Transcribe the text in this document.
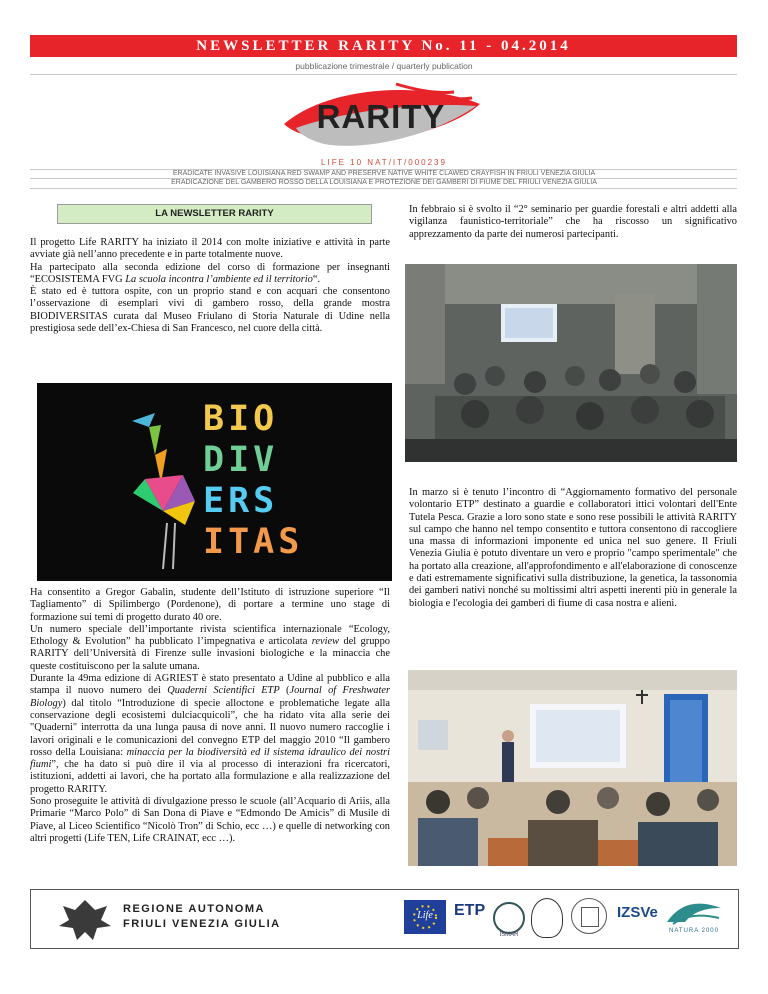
NEWSLETTER RARITY No. 11 - 04.2014
pubblicazione trimestrale / quarterly publication
RARITY
LIFE 10 NAT/IT/000239
ERADICATE INVASIVE LOUISIANA RED SWAMP AND PRESERVE NATIVE WHITE CLAWED CRAYFISH IN FRIULI VENEZIA GIULIA
ERADICAZIONE DEL GAMBERO ROSSO DELLA LOUISIANA E PROTEZIONE DEI GAMBERI DI FIUME DEL FRIULI VENEZIA GIULIA
LA NEWSLETTER RARITY

Il progetto Life RARITY ha iniziato il 2014 con molte iniziative e attività in parte avviate già nell’anno precedente e in parte totalmente nuove.

Ha partecipato alla seconda edizione del corso di formazione per insegnanti “ECOSISTEMA FVG La scuola incontra l’ambiente ed il territorio“.

È stato ed è tuttora ospite, con un proprio stand e con acquari che consentono l’osservazione di esemplari vivi di gambero rosso, della grande mostra BIODIVERSITAS curata dal Museo Friulano di Storia Naturale di Udine nella prestigiosa sede dell’ex-Chiesa di San Francesco, nel cuore della città.

BIO
DIV
ERS
ITAS

Ha consentito a Gregor Gabalin, studente dell’Istituto di istruzione superiore “Il Tagliamento” di Spilimbergo (Pordenone), di portare a termine uno stage di formazione sui temi di progetto durato 40 ore.

Un numero speciale dell’importante rivista scientifica internazionale “Ecology, Ethology & Evolution” ha pubblicato l’impegnativa e articolata review del gruppo RARITY dell’Università di Firenze sulle invasioni biologiche e la minaccia che queste costituiscono per la salute umana.

Durante la 49ma edizione di AGRIEST è stato presentato a Udine al pubblico e alla stampa il nuovo numero dei Quaderni Scientifici ETP (Journal of Freshwater Biology) dal titolo “Introduzione di specie alloctone e problematiche legate alla conservazione degli ecosistemi dulciacquicoli”, che ha ridato vita alla serie dei "Quaderni" interrotta da una lunga pausa di nove anni. Il nuovo numero raccoglie i lavori originali e le comunicazioni del convegno ETP del maggio 2010 “Il gambero rosso della Louisiana: minaccia per la biodiversità ed il sistema idraulico dei nostri fiumi”, che ha dato si può dire il via al processo di interazioni fra ricercatori, istituzioni, addetti ai lavori, che ha portato alla formulazione e alla realizzazione del progetto RARITY.

Sono proseguite le attività di divulgazione presso le scuole (all’Acquario di Ariis, alla Primarie “Marco Polo” di San Dona di Piave e “Edmondo De Amicis” di Musile di Piave, al Liceo Scientifico “Nicolò Tron” di Schio, ecc …) e quelle di networking con altri progetti (Life TEN, Life CRAINAT, ecc …).

In febbraio si è svolto il “2° seminario per guardie forestali e altri addetti alla vigilanza faunistico-territoriale” che ha riscosso un significativo apprezzamento da parte dei numerosi partecipanti.

In marzo si è tenuto l’incontro di “Aggiornamento formativo del personale volontario ETP” destinato a guardie e collaboratori ittici volontari dell'Ente Tutela Pesca. Grazie a loro sono state e sono rese possibili le attività RARITY sul campo che hanno nel tempo consentito e tuttora consentono di raccogliere una massa di informazioni imponente ed unica nel suo genere. Il Friuli Venezia Giulia è potuto diventare un vero e proprio "campo sperimentale" che ha portato alla creazione, all'approfondimento e all'elaborazione di conoscenze e dati estremamente significativi sulla distribuzione, la genetica, la tassonomia dei gamberi nativi nonché su moltissimi altri aspetti inerenti più in generale la biologia e l'ecologia dei gamberi di fiume di casa nostra e alieni.

REGIONE AUTONOMA
FRIULI VENEZIA GIULIA
Life	ETP
ISMAR
IZSVe
NATURA 2000
